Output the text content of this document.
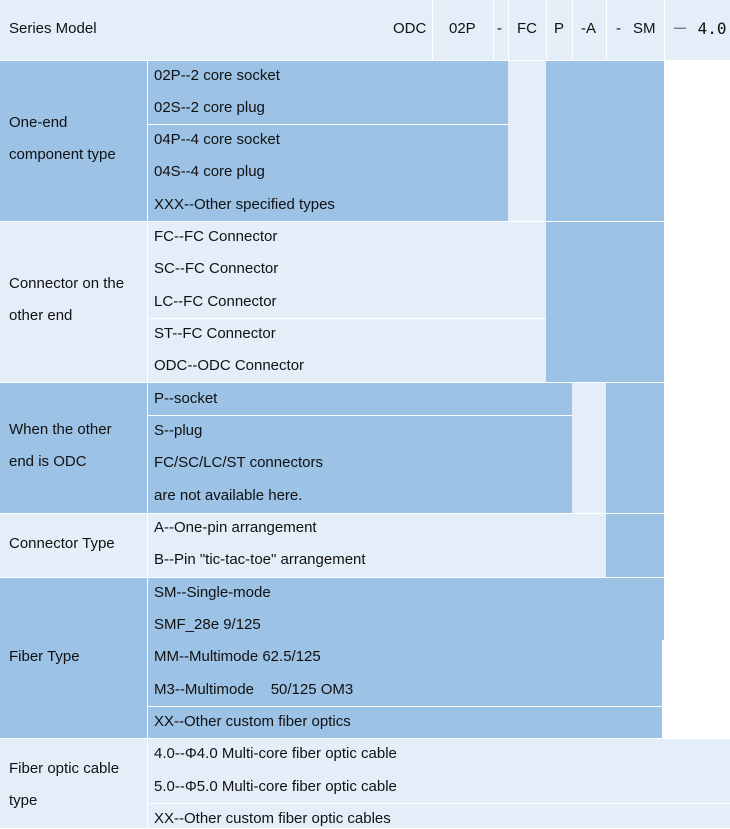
Series Model	ODC 02P - FC P -A - SM － 4.0
One-end
component type
02P--2 core socket
02S--2 core plug
04P--4 core socket
04S--4 core plug
XXX--Other specified types
Connector on the
other end
FC--FC Connector
SC--FC Connector
LC--FC Connector
ST--FC Connector
ODC--ODC Connector
When the other
end is ODC
P--socket
S--plug
FC/SC/LC/ST connectors
are not available here.
Connector Type
A--One-pin arrangement
B--Pin "tic-tac-toe" arrangement
Fiber Type
SM--Single-mode
SMF_28e 9/125
MM--Multimode 62.5/125
M3--Multimode    50/125 OM3
XX--Other custom fiber optics
Fiber optic cable
type
4.0--Φ4.0 Multi-core fiber optic cable
5.0--Φ5.0 Multi-core fiber optic cable
XX--Other custom fiber optic cables
